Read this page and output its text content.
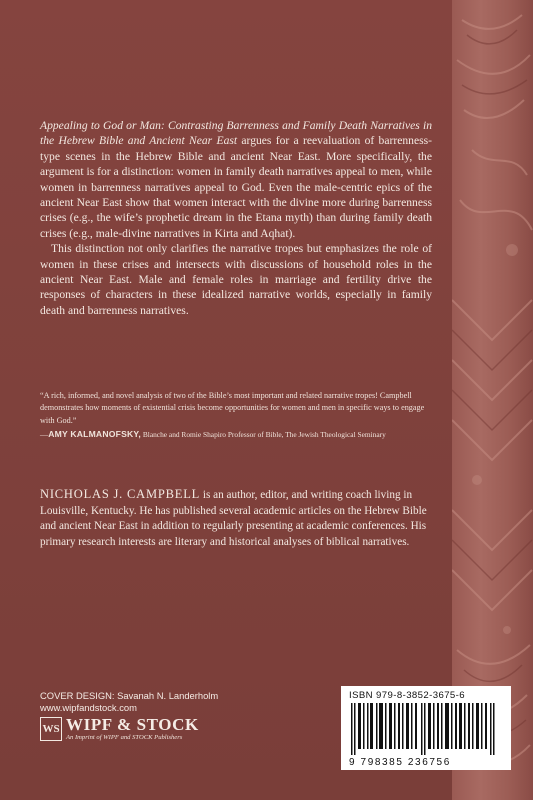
Appealing to God or Man: Contrasting Barrenness and Family Death Narratives in the Hebrew Bible and Ancient Near East argues for a reevaluation of barrenness-type scenes in the Hebrew Bible and ancient Near East. More specifically, the argument is for a distinction: women in family death narratives appeal to men, while women in barrenness narratives appeal to God. Even the male-centric epics of the ancient Near East show that women interact with the divine more during barrenness crises (e.g., the wife’s prophetic dream in the Etana myth) than during family death crises (e.g., male-divine narratives in Kirta and Aqhat).

This distinction not only clarifies the narrative tropes but emphasizes the role of women in these crises and intersects with discussions of household roles in the ancient Near East. Male and female roles in marriage and fertility drive the responses of characters in these idealized narrative worlds, especially in family death and barrenness narratives.

“A rich, informed, and novel analysis of two of the Bible’s most important and related narrative tropes! Campbell demonstrates how moments of existential crisis become opportunities for women and men in specific ways to engage with God.”
—AMY KALMANOFSKY, Blanche and Romie Shapiro Professor of Bible, The Jewish Theological Seminary
NICHOLAS J. CAMPBELL is an author, editor, and writing coach living in Louisville, Kentucky. He has published several academic articles on the Hebrew Bible and ancient Near East in addition to regularly presenting at academic conferences. His primary research interests are literary and historical analyses of biblical narratives.
COVER DESIGN: Savanah N. Landerholm
www.wipfandstock.com
WS WIPF & STOCK
An Imprint of WIPF and STOCK Publishers
ISBN 979-8-3852-3675-6
9 798385 236756
